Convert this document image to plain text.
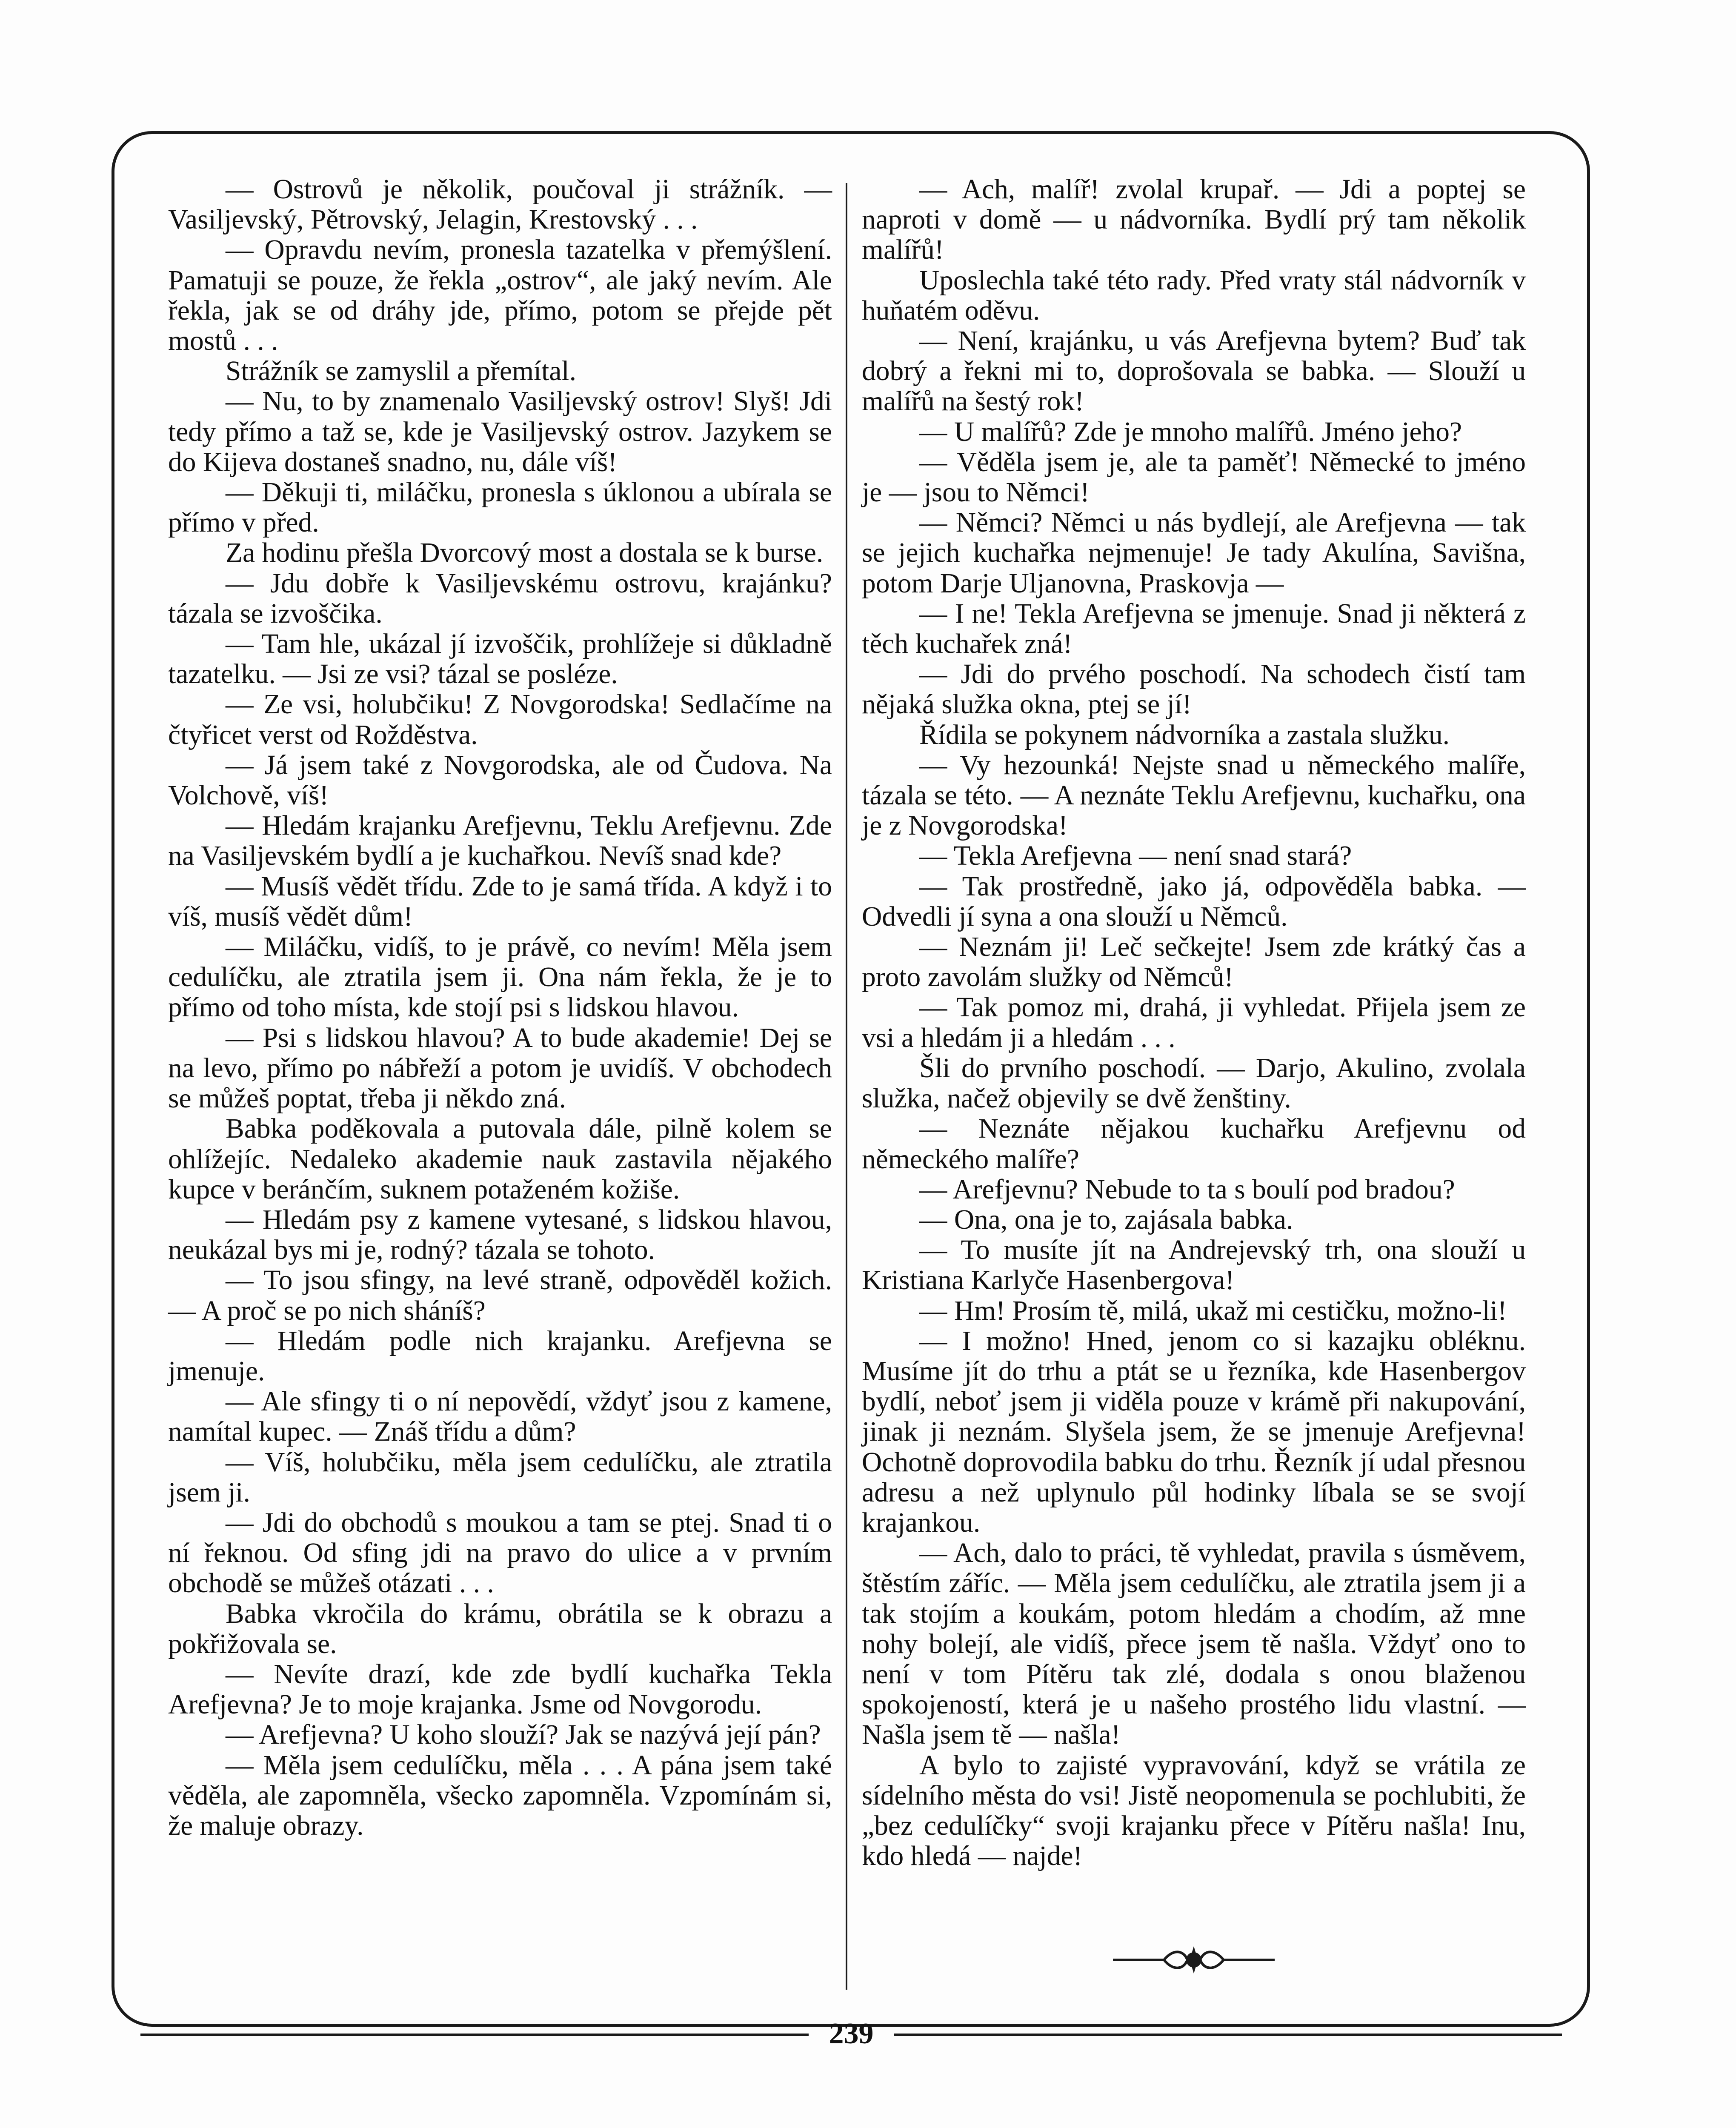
— Ostrovů je několik, poučoval ji strážník. — Vasiljevský, Pětrovský, Jelagin, Krestovský . . .

— Opravdu nevím, pronesla tazatelka v přemýšlení. Pamatuji se pouze, že řekla „ostrov“, ale jaký nevím. Ale řekla, jak se od dráhy jde, přímo, potom se přejde pět mostů . . .

Strážník se zamyslil a přemítal.

— Nu, to by znamenalo Vasiljevský ostrov! Slyš! Jdi tedy přímo a taž se, kde je Vasiljevský ostrov. Jazykem se do Kijeva dostaneš snadno, nu, dále víš!

— Děkuji ti, miláčku, pronesla s úklonou a ubírala se přímo v před.

Za hodinu přešla Dvorcový most a dostala se k burse.

— Jdu dobře k Vasiljevskému ostrovu, krajánku? tázala se izvoščika.

— Tam hle, ukázal jí izvoščik, prohlížeje si důkladně tazatelku. — Jsi ze vsi? tázal se posléze.

— Ze vsi, holubčiku! Z Novgorodska! Sedlačíme na čtyřicet verst od Rožděstva.

— Já jsem také z Novgorodska, ale od Čudova. Na Volchově, víš!

— Hledám krajanku Arefjevnu, Teklu Arefjevnu. Zde na Vasiljevském bydlí a je kuchařkou. Nevíš snad kde?

— Musíš vědět třídu. Zde to je samá třída. A když i to víš, musíš vědět dům!

— Miláčku, vidíš, to je právě, co nevím! Měla jsem cedulíčku, ale ztratila jsem ji. Ona nám řekla, že je to přímo od toho místa, kde stojí psi s lidskou hlavou.

— Psi s lidskou hlavou? A to bude akademie! Dej se na levo, přímo po nábřeží a potom je uvidíš. V obchodech se můžeš poptat, třeba ji někdo zná.

Babka poděkovala a putovala dále, pilně kolem se ohlížejíc. Nedaleko akademie nauk zastavila nějakého kupce v beránčím, suknem potaženém kožiše.

— Hledám psy z kamene vytesané, s lidskou hlavou, neukázal bys mi je, rodný? tázala se tohoto.

— To jsou sfingy, na levé straně, odpověděl kožich. — A proč se po nich sháníš?

— Hledám podle nich krajanku. Arefjevna se jmenuje.

— Ale sfingy ti o ní nepovědí, vždyť jsou z kamene, namítal kupec. — Znáš třídu a dům?

— Víš, holubčiku, měla jsem cedulíčku, ale ztratila jsem ji.

— Jdi do obchodů s moukou a tam se ptej. Snad ti o ní řeknou. Od sfing jdi na pravo do ulice a v prvním obchodě se můžeš otázati . . .

Babka vkročila do krámu, obrátila se k obrazu a pokřižovala se.

— Nevíte drazí, kde zde bydlí kuchařka Tekla Arefjevna? Je to moje krajanka. Jsme od Novgorodu.

— Arefjevna? U koho slouží? Jak se nazývá její pán?

— Měla jsem cedulíčku, měla . . . A pána jsem také věděla, ale zapomněla, všecko zapomněla. Vzpomínám si, že maluje obrazy.

— Ach, malíř! zvolal krupař. — Jdi a poptej se naproti v domě — u nádvorníka. Bydlí prý tam několik malířů!

Uposlechla také této rady. Před vraty stál nádvorník v huňatém oděvu.

— Není, krajánku, u vás Arefjevna bytem? Buď tak dobrý a řekni mi to, doprošovala se babka. — Slouží u malířů na šestý rok!

— U malířů? Zde je mnoho malířů. Jméno jeho?

— Věděla jsem je, ale ta paměť! Německé to jméno je — jsou to Němci!

— Němci? Němci u nás bydlejí, ale Arefjevna — tak se jejich kuchařka nejmenuje! Je tady Akulína, Savišna, potom Darje Uljanovna, Praskovja —

— I ne! Tekla Arefjevna se jmenuje. Snad ji některá z těch kuchařek zná!

— Jdi do prvého poschodí. Na schodech čistí tam nějaká služka okna, ptej se jí!

Řídila se pokynem nádvorníka a zastala služku.

— Vy hezounká! Nejste snad u německého malíře, tázala se této. — A neznáte Teklu Arefjevnu, kuchařku, ona je z Novgorodska!

— Tekla Arefjevna — není snad stará?

— Tak prostředně, jako já, odpověděla babka. — Odvedli jí syna a ona slouží u Němců.

— Neznám ji! Leč sečkejte! Jsem zde krátký čas a proto zavolám služky od Němců!

— Tak pomoz mi, drahá, ji vyhledat. Přijela jsem ze vsi a hledám ji a hledám . . .

Šli do prvního poschodí. — Darjo, Akulino, zvolala služka, načež objevily se dvě ženštiny.

— Neznáte nějakou kuchařku Arefjevnu od německého malíře?

— Arefjevnu? Nebude to ta s boulí pod bradou?

— Ona, ona je to, zajásala babka.

— To musíte jít na Andrejevský trh, ona slouží u Kristiana Karlyče Hasenbergova!

— Hm! Prosím tě, milá, ukaž mi cestičku, možno-li!

— I možno! Hned, jenom co si kazajku obléknu. Musíme jít do trhu a ptát se u řezníka, kde Hasenbergov bydlí, neboť jsem ji viděla pouze v krámě při nakupování, jinak ji neznám. Slyšela jsem, že se jmenuje Arefjevna! Ochotně doprovodila babku do trhu. Řezník jí udal přesnou adresu a než uplynulo půl hodinky líbala se se svojí krajankou.

— Ach, dalo to práci, tě vyhledat, pravila s úsměvem, štěstím záříc. — Měla jsem cedulíčku, ale ztratila jsem ji a tak stojím a koukám, potom hledám a chodím, až mne nohy bolejí, ale vidíš, přece jsem tě našla. Vždyť ono to není v tom Pítěru tak zlé, dodala s onou blaženou spokojeností, která je u našeho prostého lidu vlastní. — Našla jsem tě — našla!

A bylo to zajisté vypravování, když se vrátila ze sídelního města do vsi! Jistě neopomenula se pochlubiti, že „bez cedulíčky“ svoji krajanku přece v Pítěru našla! Inu, kdo hledá — najde!

239
